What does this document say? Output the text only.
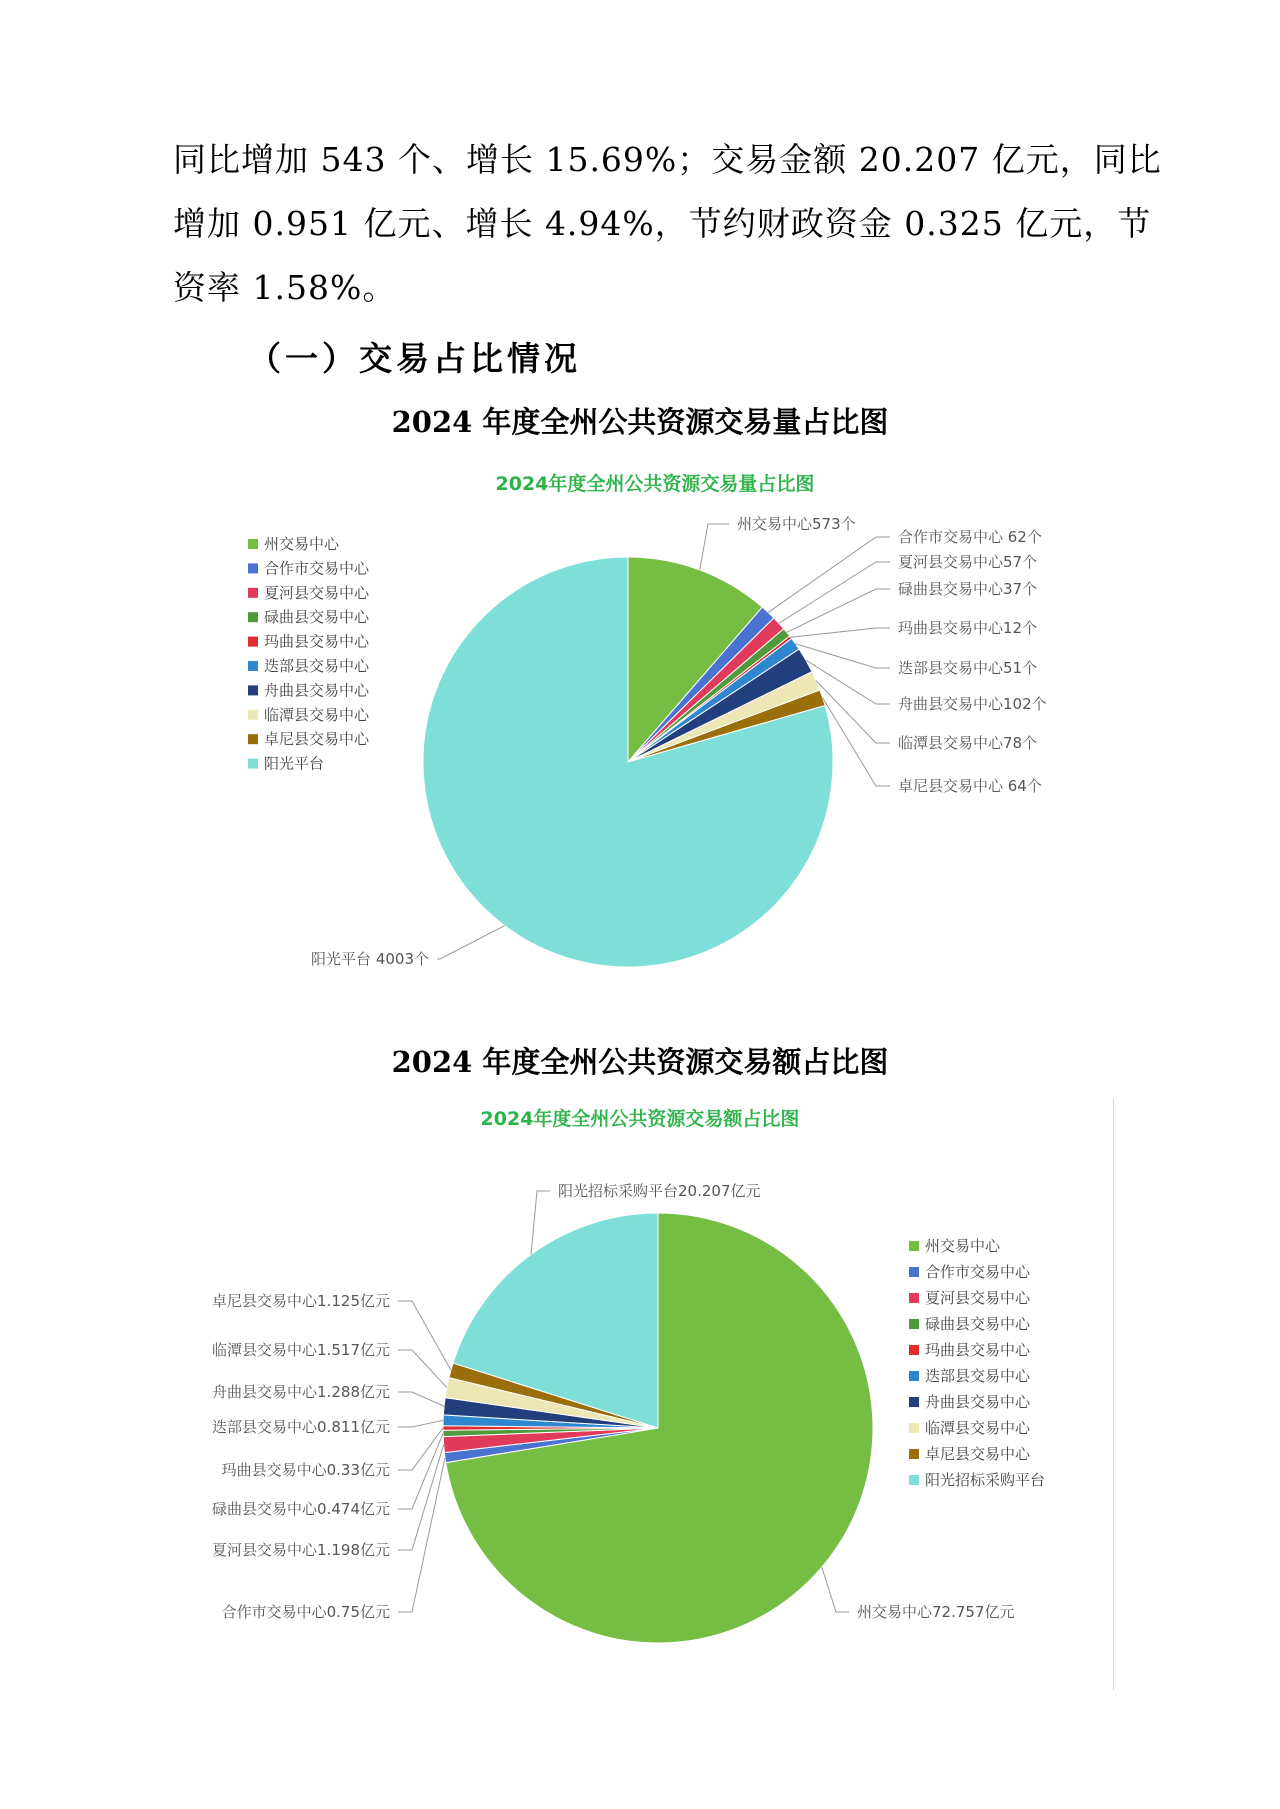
同比增加 543 个、增长 15.69%；交易金额 20.207 亿元，同比
增加 0.951 亿元、增长 4.94%，节约财政资金 0.325 亿元，节
资率 1.58%。
（一）交易占比情况
2024 年度全州公共资源交易量占比图
2024年度全州公共资源交易量占比图
州交易中心
合作市交易中心
夏河县交易中心
碌曲县交易中心
玛曲县交易中心
迭部县交易中心
舟曲县交易中心
临潭县交易中心
卓尼县交易中心
阳光平台
州交易中心573个
合作市交易中心 62个
夏河县交易中心57个
碌曲县交易中心37个
玛曲县交易中心12个
迭部县交易中心51个
舟曲县交易中心102个
临潭县交易中心78个
卓尼县交易中心 64个
阳光平台 4003个
2024 年度全州公共资源交易额占比图
2024年度全州公共资源交易额占比图
州交易中心
合作市交易中心
夏河县交易中心
碌曲县交易中心
玛曲县交易中心
迭部县交易中心
舟曲县交易中心
临潭县交易中心
卓尼县交易中心
阳光招标采购平台
州交易中心72.757亿元
合作市交易中心0.75亿元
夏河县交易中心1.198亿元
碌曲县交易中心0.474亿元
玛曲县交易中心0.33亿元
迭部县交易中心0.811亿元
舟曲县交易中心1.288亿元
临潭县交易中心1.517亿元
卓尼县交易中心1.125亿元
阳光招标采购平台20.207亿元
